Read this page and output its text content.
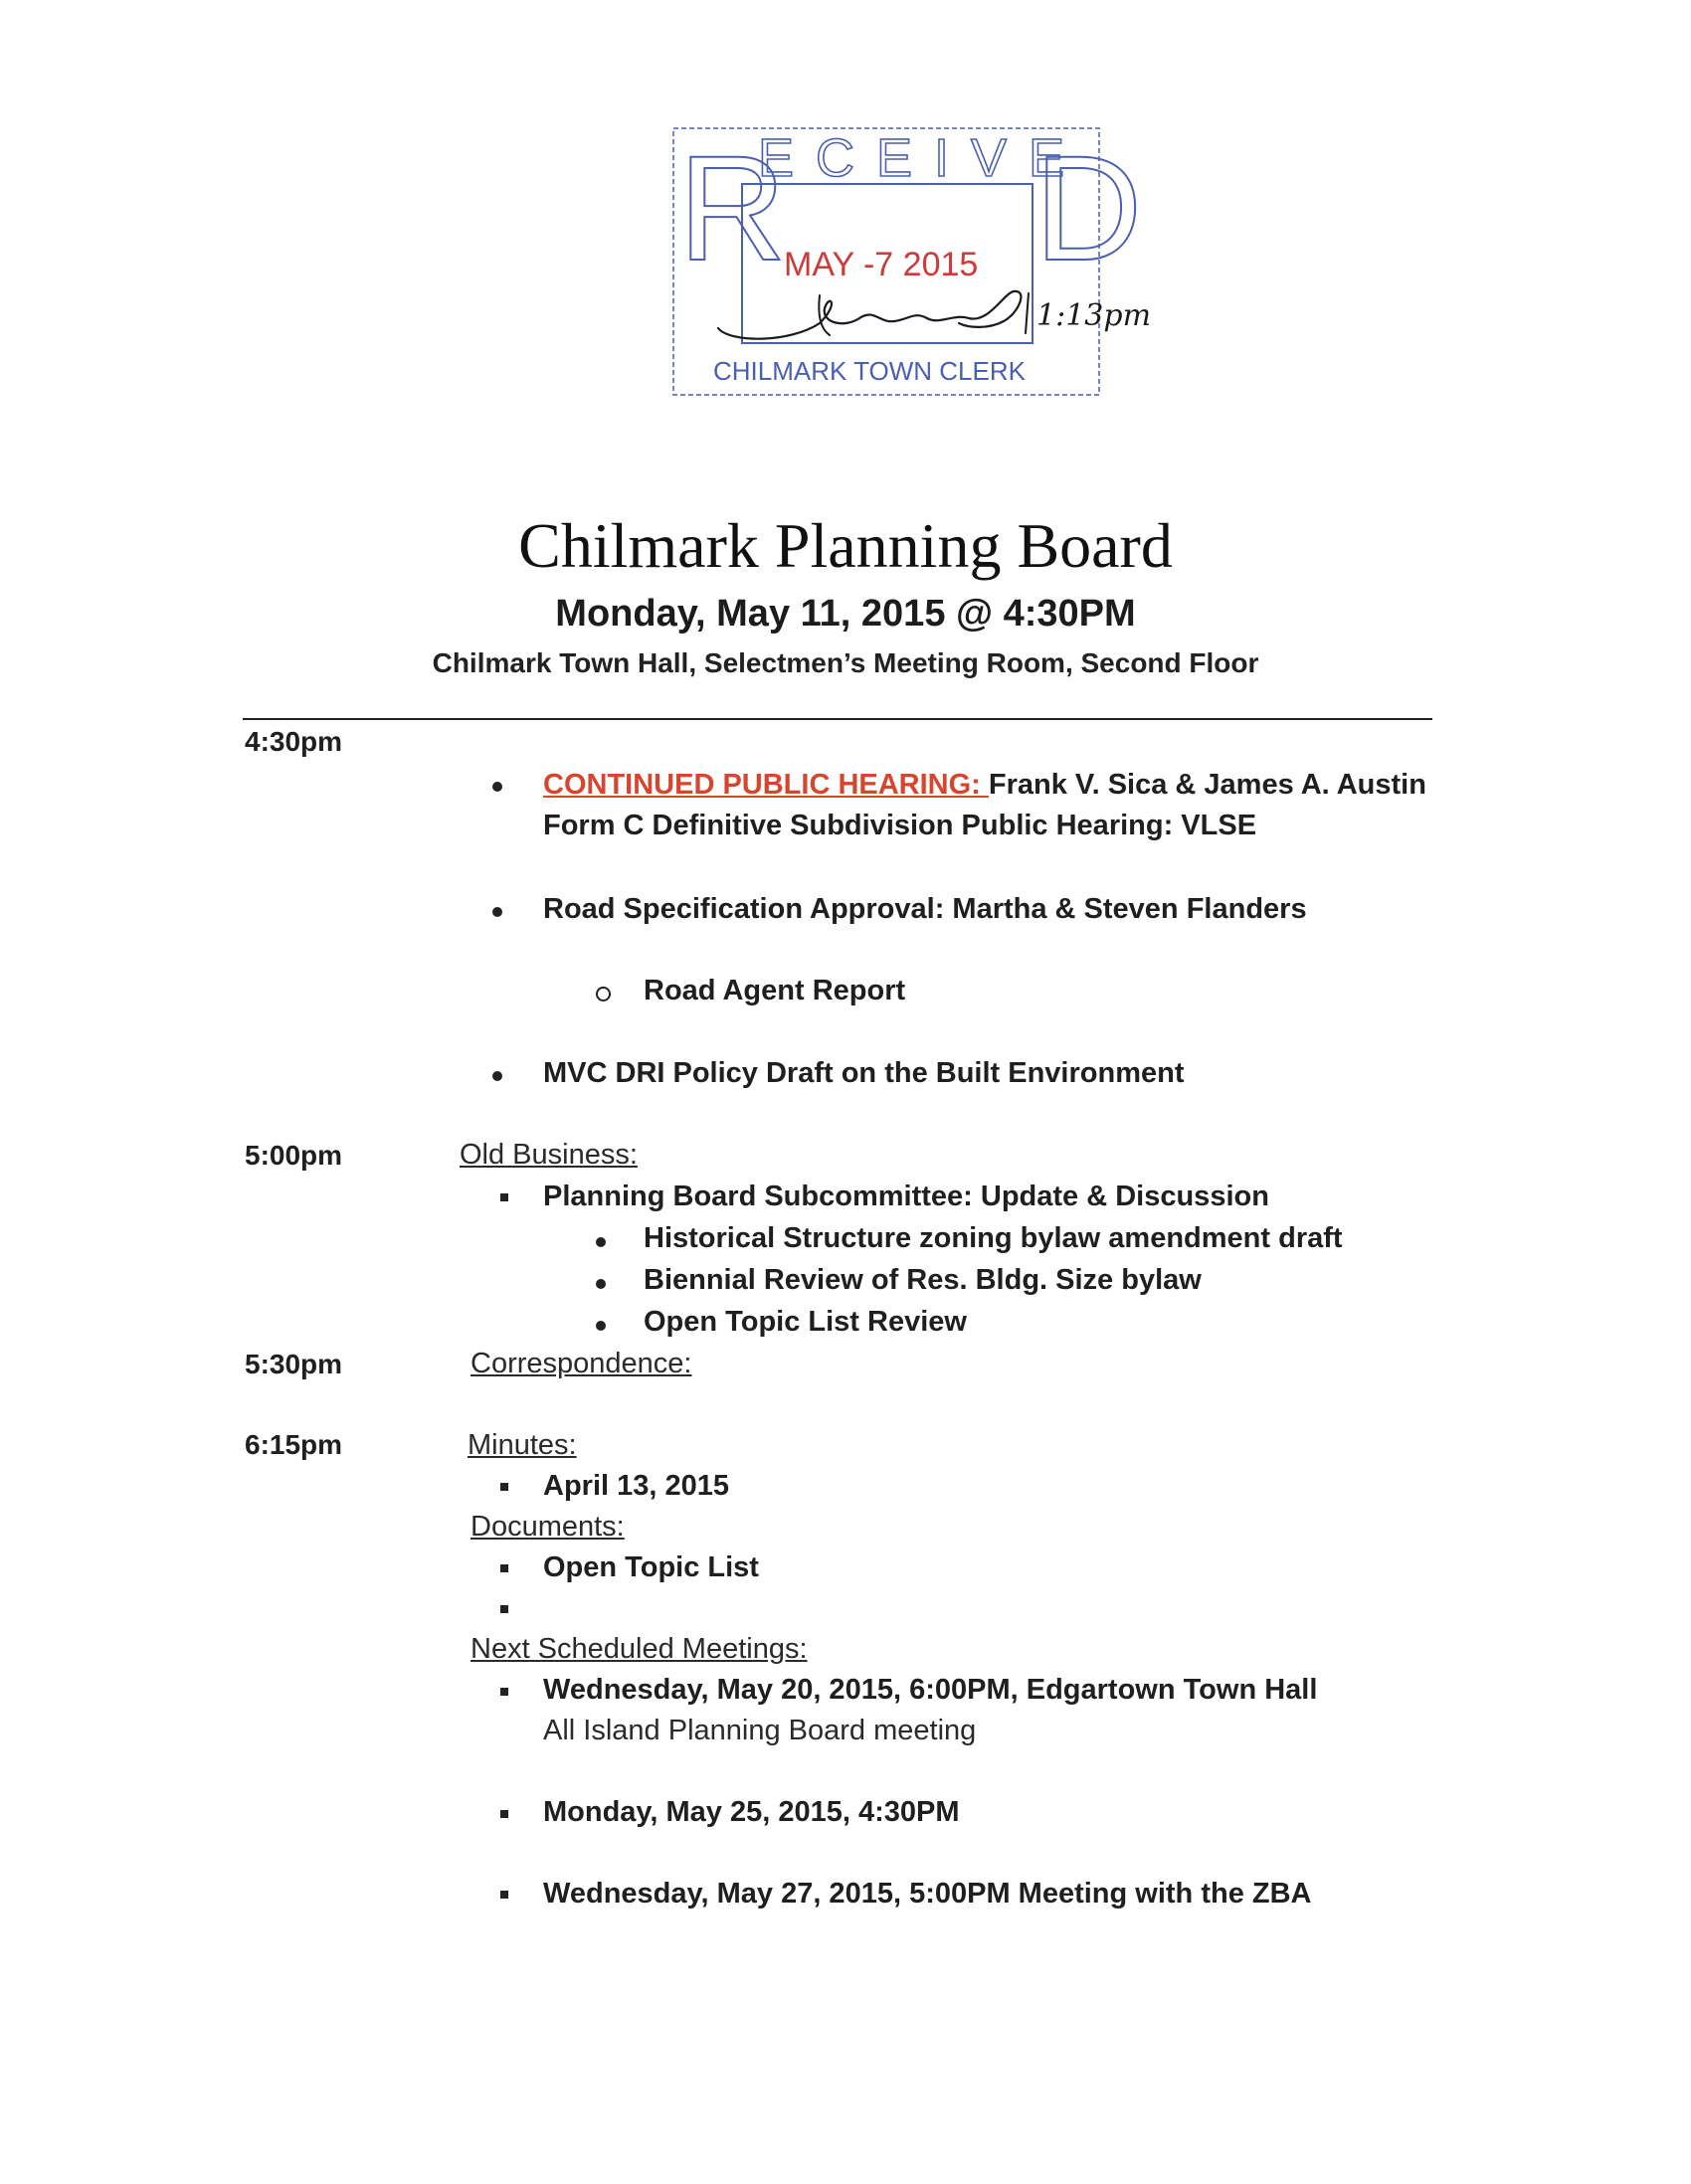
R D
ECEIVE
MAY -7 2015
CHILMARK TOWN CLERK
1:13pm
Chilmark Planning Board
Monday, May 11, 2015 @ 4:30PM
Chilmark Town Hall, Selectmen’s Meeting Room, Second Floor
4:30pm
CONTINUED PUBLIC HEARING: Frank V. Sica & James A. Austin
Form C Definitive Subdivision Public Hearing: VLSE
Road Specification Approval: Martha & Steven Flanders
Road Agent Report
MVC DRI Policy Draft on the Built Environment
5:00pm	Old Business:
Planning Board Subcommittee: Update & Discussion
Historical Structure zoning bylaw amendment draft
Biennial Review of Res. Bldg. Size bylaw
Open Topic List Review
5:30pm	Correspondence:
6:15pm	Minutes:
April 13, 2015
Documents:
Open Topic List
Next Scheduled Meetings:
Wednesday, May 20, 2015, 6:00PM, Edgartown Town Hall
All Island Planning Board meeting
Monday, May 25, 2015, 4:30PM
Wednesday, May 27, 2015, 5:00PM Meeting with the ZBA
